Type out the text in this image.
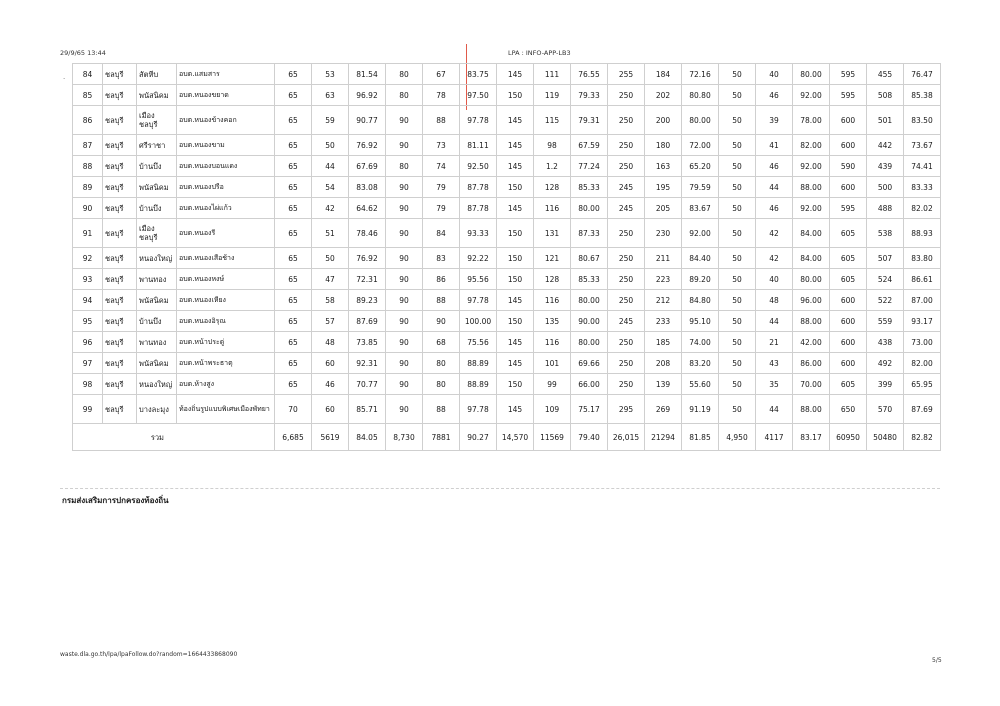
29/9/65 13:44	LPA : INFO-APP-LB3
·
84	ชลบุรี	สัตหีบ	อบต.แสมสาร	65	53	81.54	80	67	83.75	145	111	76.55	255	184	72.16	50	40	80.00	595	455	76.47
85	ชลบุรี	พนัสนิคม	อบต.หนองขยาด	65	63	96.92	80	78	97.50	150	119	79.33	250	202	80.80	50	46	92.00	595	508	85.38
86	ชลบุรี	เมือง ชลบุรี	อบต.หนองข้างคอก	65	59	90.77	90	88	97.78	145	115	79.31	250	200	80.00	50	39	78.00	600	501	83.50
87	ชลบุรี	ศรีราชา	อบต.หนองขาม	65	50	76.92	90	73	81.11	145	98	67.59	250	180	72.00	50	41	82.00	600	442	73.67
88	ชลบุรี	บ้านบึง	อบต.หนองบอนแดง	65	44	67.69	80	74	92.50	145	1.2	77.24	250	163	65.20	50	46	92.00	590	439	74.41
89	ชลบุรี	พนัสนิคม	อบต.หนองปรือ	65	54	83.08	90	79	87.78	150	128	85.33	245	195	79.59	50	44	88.00	600	500	83.33
90	ชลบุรี	บ้านบึง	อบต.หนองไผ่แก้ว	65	42	64.62	90	79	87.78	145	116	80.00	245	205	83.67	50	46	92.00	595	488	82.02
91	ชลบุรี	เมือง ชลบุรี	อบต.หนองรี	65	51	78.46	90	84	93.33	150	131	87.33	250	230	92.00	50	42	84.00	605	538	88.93
92	ชลบุรี	หนองใหญ่	อบต.หนองเสือช้าง	65	50	76.92	90	83	92.22	150	121	80.67	250	211	84.40	50	42	84.00	605	507	83.80
93	ชลบุรี	พานทอง	อบต.หนองหงษ์	65	47	72.31	90	86	95.56	150	128	85.33	250	223	89.20	50	40	80.00	605	524	86.61
94	ชลบุรี	พนัสนิคม	อบต.หนองเหียง	65	58	89.23	90	88	97.78	145	116	80.00	250	212	84.80	50	48	96.00	600	522	87.00
95	ชลบุรี	บ้านบึง	อบต.หนองอิรุณ	65	57	87.69	90	90	100.00	150	135	90.00	245	233	95.10	50	44	88.00	600	559	93.17
96	ชลบุรี	พานทอง	อบต.หน้าประดู่	65	48	73.85	90	68	75.56	145	116	80.00	250	185	74.00	50	21	42.00	600	438	73.00
97	ชลบุรี	พนัสนิคม	อบต.หน้าพระธาตุ	65	60	92.31	90	80	88.89	145	101	69.66	250	208	83.20	50	43	86.00	600	492	82.00
98	ชลบุรี	หนองใหญ่	อบต.ห้างสูง	65	46	70.77	90	80	88.89	150	99	66.00	250	139	55.60	50	35	70.00	605	399	65.95
99	ชลบุรี	บางละมุง	ท้องถิ่นรูปแบบพิเศษเมืองพัทยา	70	60	85.71	90	88	97.78	145	109	75.17	295	269	91.19	50	44	88.00	650	570	87.69
รวม				6,685	5619	84.05	8,730	7881	90.27	14,570	11569	79.40	26,015	21294	81.85	4,950	4117	83.17	60950	50480	82.82
กรมส่งเสริมการปกครองท้องถิ่น
waste.dla.go.th/lpa/lpaFollow.do?random=1664433868090
5/5
